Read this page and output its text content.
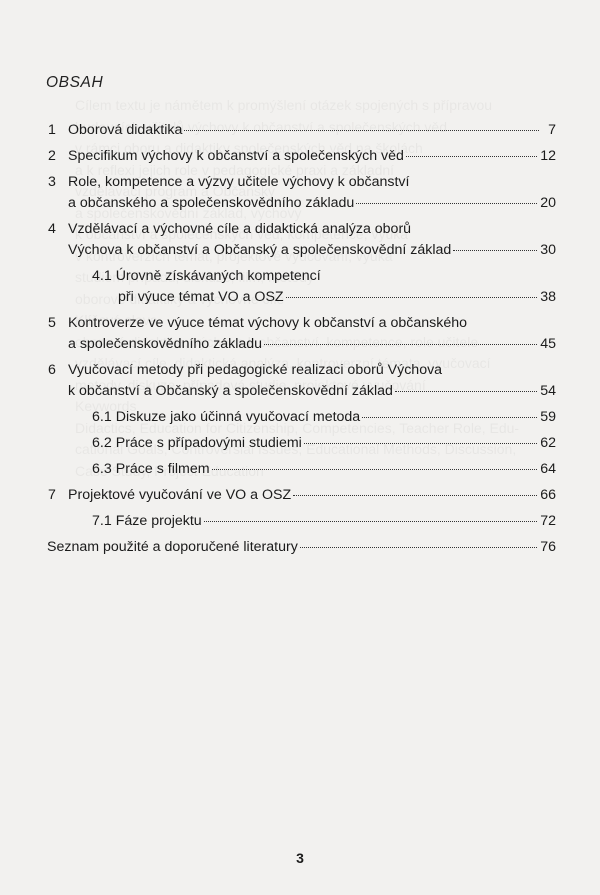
OBSAH
1 Oborová didaktika	7
2 Specifikum výchovy k občanství a společenských věd	12
3 Role, kompetence a výzvy učitele výchovy k občanství
a občanského a společenskovědního základu	20
4 Vzdělávací a výchovné cíle a didaktická analýza oborů
Výchova k občanství a Občanský a společenskovědní základ	30
4.1 Úrovně získávaných kompetencí
při výuce témat VO a OSZ	38
5 Kontroverze ve výuce témat výchovy k občanství a občanského
a společenskovědního základu	45
6 Vyučovací metody při pedagogické realizaci oborů Výchova
k občanství a Občanský a společenskovědní základ	54
6.1 Diskuze jako účinná vyučovací metoda	59
6.2 Práce s případovými studiemi	62
6.3 Práce s filmem	64
7 Projektové vyučování ve VO a OSZ	66
7.1 Fáze projektu	72
Seznam použité a doporučené literatury	76
3
